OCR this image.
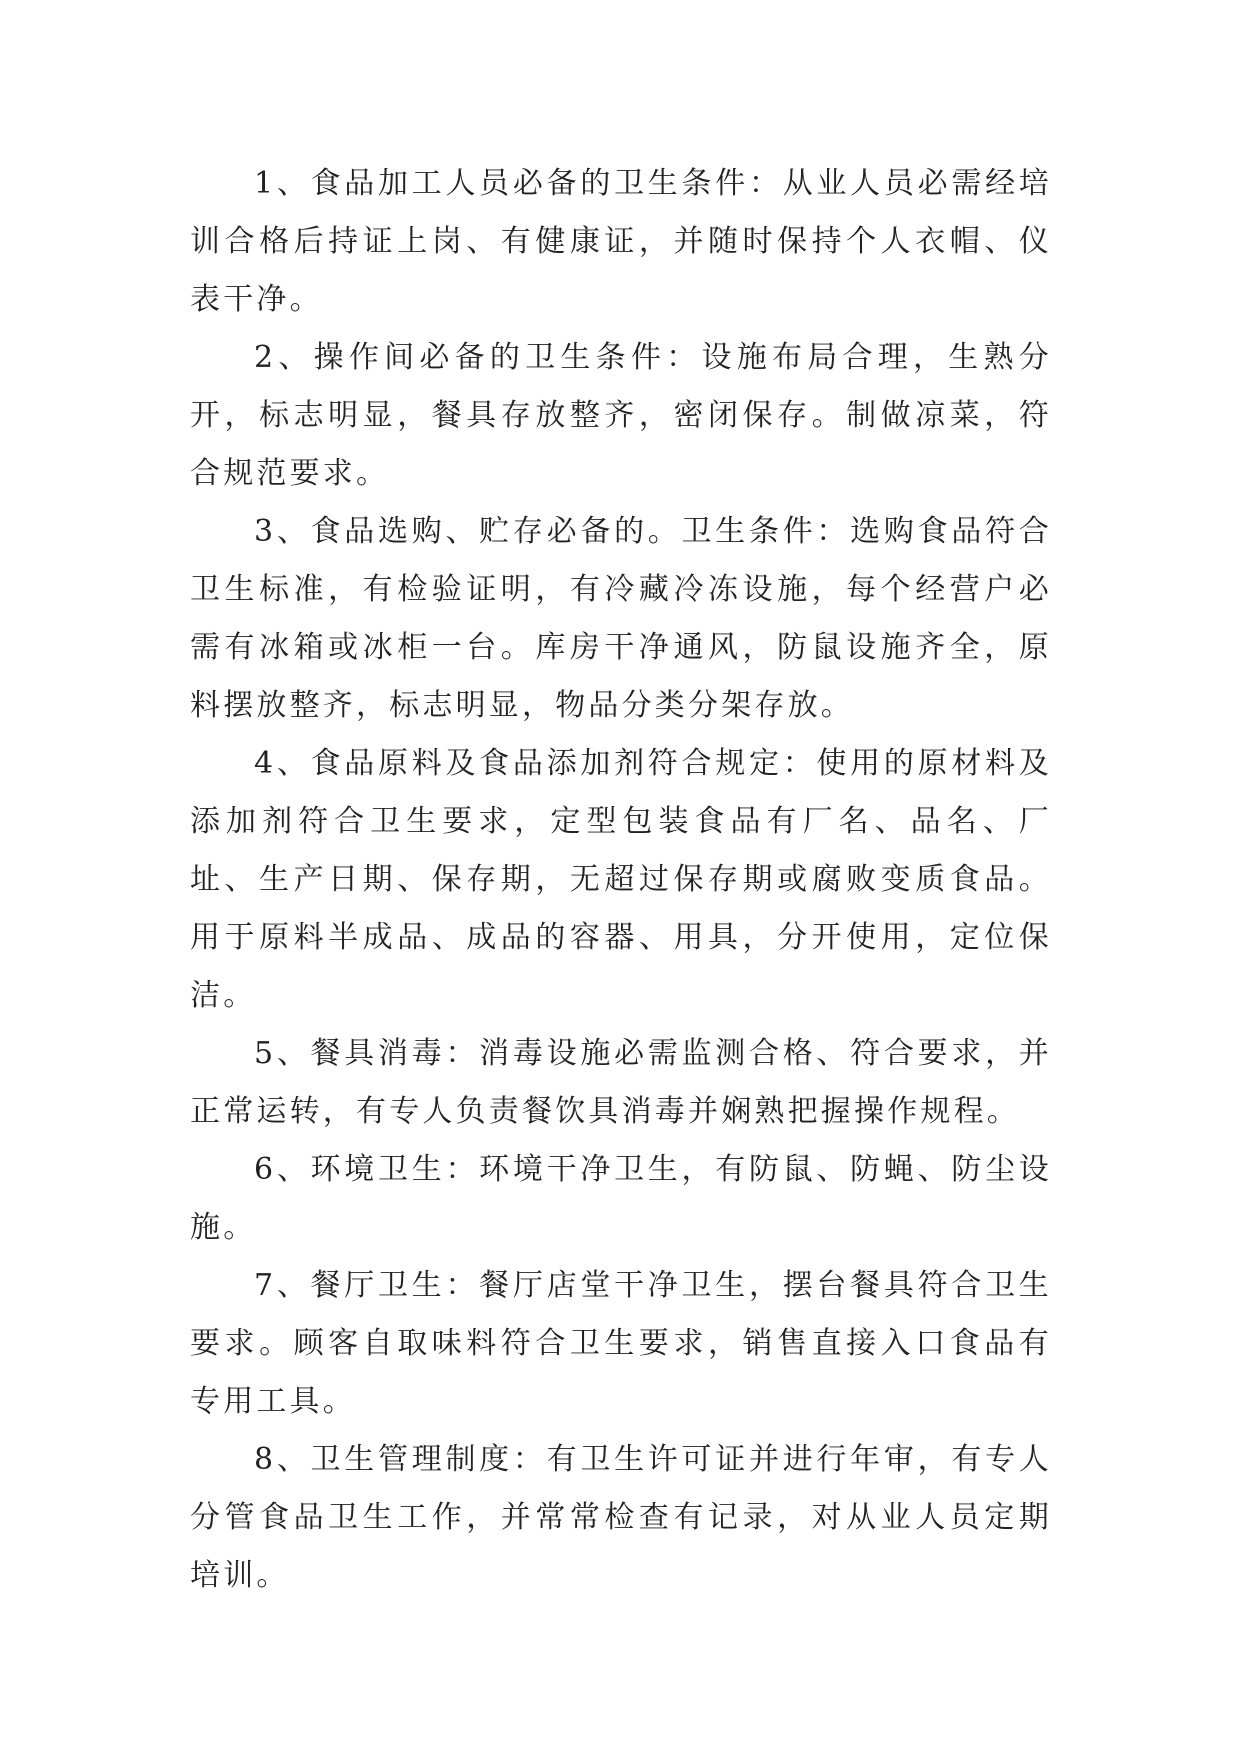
1、食品加工人员必备的卫生条件：从业人员必需经培训合格后持证上岗、有健康证，并随时保持个人衣帽、仪表干净。

2、操作间必备的卫生条件：设施布局合理，生熟分开，标志明显，餐具存放整齐，密闭保存。制做凉菜，符合规范要求。

3、食品选购、贮存必备的。卫生条件：选购食品符合卫生标准，有检验证明，有冷藏冷冻设施，每个经营户必需有冰箱或冰柜一台。库房干净通风，防鼠设施齐全，原料摆放整齐，标志明显，物品分类分架存放。

4、食品原料及食品添加剂符合规定：使用的原材料及添加剂符合卫生要求，定型包装食品有厂名、品名、厂址、生产日期、保存期，无超过保存期或腐败变质食品。用于原料半成品、成品的容器、用具，分开使用，定位保洁。

5、餐具消毒：消毒设施必需监测合格、符合要求，并正常运转，有专人负责餐饮具消毒并娴熟把握操作规程。

6、环境卫生：环境干净卫生，有防鼠、防蝇、防尘设施。

7、餐厅卫生：餐厅店堂干净卫生，摆台餐具符合卫生要求。顾客自取味料符合卫生要求，销售直接入口食品有专用工具。

8、卫生管理制度：有卫生许可证并进行年审，有专人分管食品卫生工作，并常常检查有记录，对从业人员定期培训。
